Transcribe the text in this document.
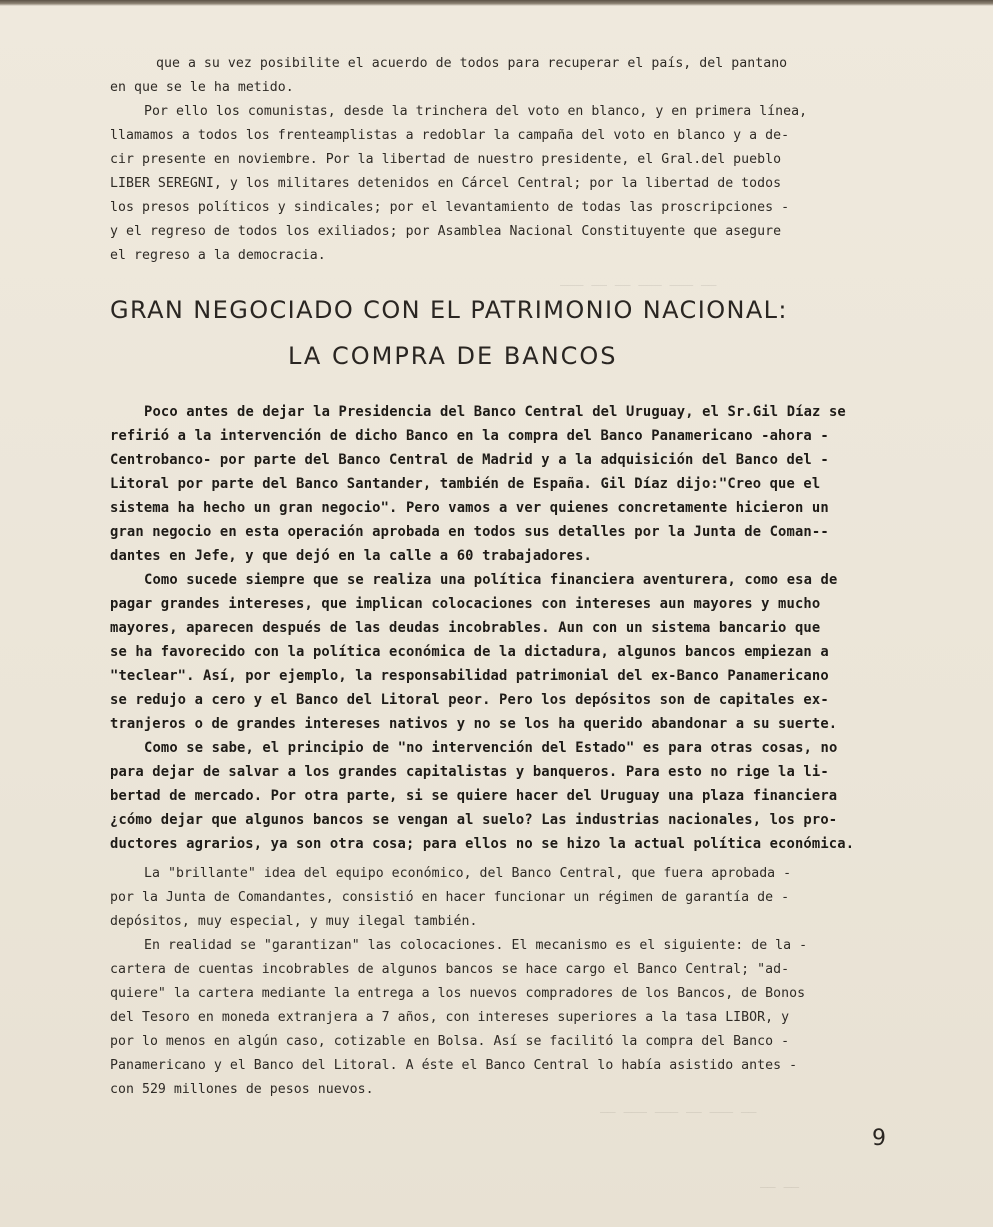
—— ——— ——— —— —— ———
—— ——— —— ——— ——— ——
—— ——
que a su vez posibilite el acuerdo de todos para recuperar el país, del pantano
en que se le ha metido.
Por ello los comunistas, desde la trinchera del voto en blanco, y en primera línea,
llamamos a todos los frenteamplistas a redoblar la campaña del voto en blanco y a de-
cir presente en noviembre. Por la libertad de nuestro presidente, el Gral.del pueblo
LIBER SEREGNI, y los militares detenidos en Cárcel Central; por la libertad de todos
los presos políticos y sindicales; por el levantamiento de todas las proscripciones -
y el regreso de todos los exiliados; por Asamblea Nacional Constituyente que asegure
el regreso a la democracia.
GRAN NEGOCIADO CON EL PATRIMONIO NACIONAL:
LA COMPRA DE BANCOS
Poco antes de dejar la Presidencia del Banco Central del Uruguay, el Sr.Gil Díaz se
refirió a la intervención de dicho Banco en la compra del Banco Panamericano -ahora -
Centrobanco- por parte del Banco Central de Madrid y a la adquisición del Banco del -
Litoral por parte del Banco Santander, también de España. Gil Díaz dijo:"Creo que el
sistema ha hecho un gran negocio". Pero vamos a ver quienes concretamente hicieron un
gran negocio en esta operación aprobada en todos sus detalles por la Junta de Coman--
dantes en Jefe, y que dejó en la calle a 60 trabajadores.
Como sucede siempre que se realiza una política financiera aventurera, como esa de
pagar grandes intereses, que implican colocaciones con intereses aun mayores y mucho
mayores, aparecen después de las deudas incobrables. Aun con un sistema bancario que
se ha favorecido con la política económica de la dictadura, algunos bancos empiezan a
"teclear". Así, por ejemplo, la responsabilidad patrimonial del ex-Banco Panamericano
se redujo a cero y el Banco del Litoral peor. Pero los depósitos son de capitales ex-
tranjeros o de grandes intereses nativos y no se los ha querido abandonar a su suerte.
Como se sabe, el principio de "no intervención del Estado" es para otras cosas, no
para dejar de salvar a los grandes capitalistas y banqueros. Para esto no rige la li-
bertad de mercado. Por otra parte, si se quiere hacer del Uruguay una plaza financiera
¿cómo dejar que algunos bancos se vengan al suelo? Las industrias nacionales, los pro-
ductores agrarios, ya son otra cosa; para ellos no se hizo la actual política económica.
La "brillante" idea del equipo económico, del Banco Central, que fuera aprobada -
por la Junta de Comandantes, consistió en hacer funcionar un régimen de garantía de -
depósitos, muy especial, y muy ilegal también.
En realidad se "garantizan" las colocaciones. El mecanismo es el siguiente: de la -
cartera de cuentas incobrables de algunos bancos se hace cargo el Banco Central; "ad-
quiere" la cartera mediante la entrega a los nuevos compradores de los Bancos, de Bonos
del Tesoro en moneda extranjera a 7 años, con intereses superiores a la tasa LIBOR, y
por lo menos en algún caso, cotizable en Bolsa. Así se facilitó la compra del Banco -
Panamericano y el Banco del Litoral. A éste el Banco Central lo había asistido antes -
con 529 millones de pesos nuevos.
9
